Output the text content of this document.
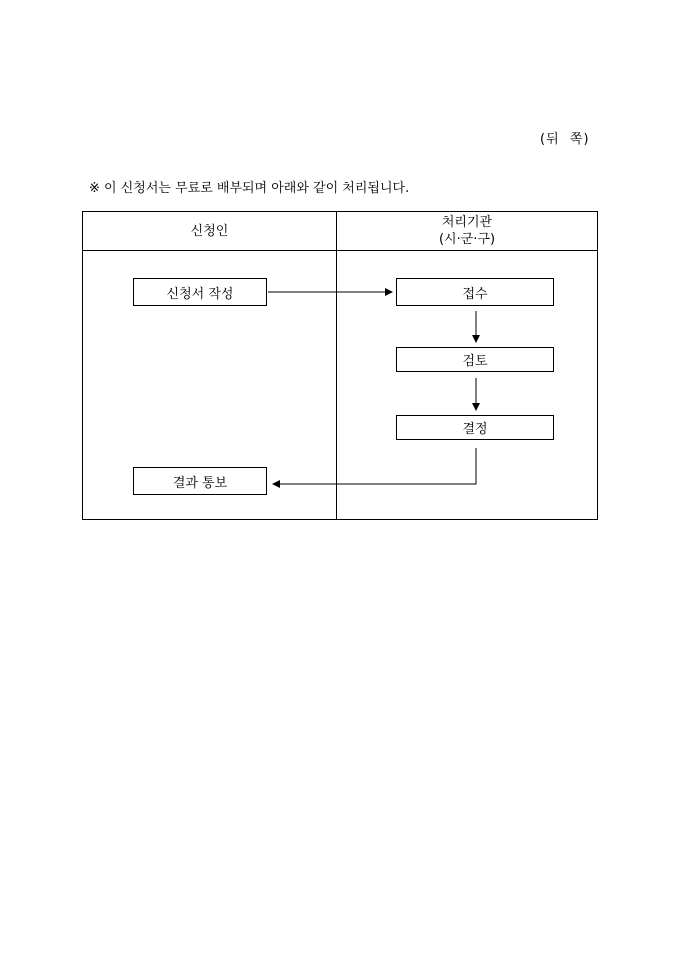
(뒤  쪽)
※ 이 신청서는 무료로 배부되며 아래와 같이 처리됩니다.
신청인
처리기관
(시·군·구)
신청서 작성	접수
검토
결정
결과 통보
